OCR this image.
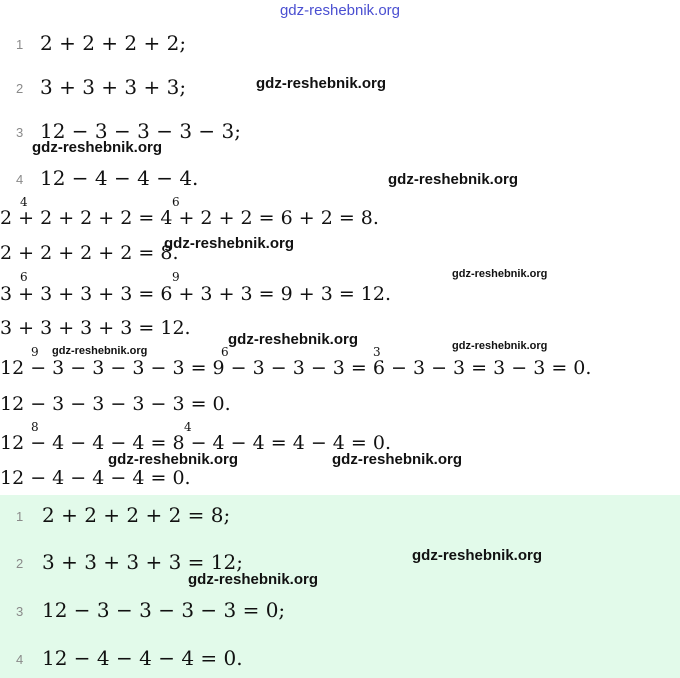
gdz-reshebnik.org
1 2 + 2 + 2 + 2;
2 3 + 3 + 3 + 3;
3 12 − 3 − 3 − 3 − 3;
4 12 − 4 − 4 − 4.
2 + 2 + 2 + 2 = 4 + 2 + 2 = 6 + 2 = 8.
2 + 2 + 2 + 2 = 8.
3 + 3 + 3 + 3 = 6 + 3 + 3 = 9 + 3 = 12.
3 + 3 + 3 + 3 = 12.
12 − 3 − 3 − 3 − 3 = 9 − 3 − 3 − 3 = 6 − 3 − 3 = 3 − 3 = 0.
12 − 3 − 3 − 3 − 3 = 0.
12 − 4 − 4 − 4 = 8 − 4 − 4 = 4 − 4 = 0.
12 − 4 − 4 − 4 = 0.
4	6
6	9
9	6	3
8	4
1 2 + 2 + 2 + 2 = 8;
2 3 + 3 + 3 + 3 = 12;
3 12 − 3 − 3 − 3 − 3 = 0;
4 12 − 4 − 4 − 4 = 0.
gdz-reshebnik.org
gdz-reshebnik.org
gdz-reshebnik.org
gdz-reshebnik.org
gdz-reshebnik.org
gdz-reshebnik.org
gdz-reshebnik.org	gdz-reshebnik.org
gdz-reshebnik.org	gdz-reshebnik.org
gdz-reshebnik.org
gdz-reshebnik.org
